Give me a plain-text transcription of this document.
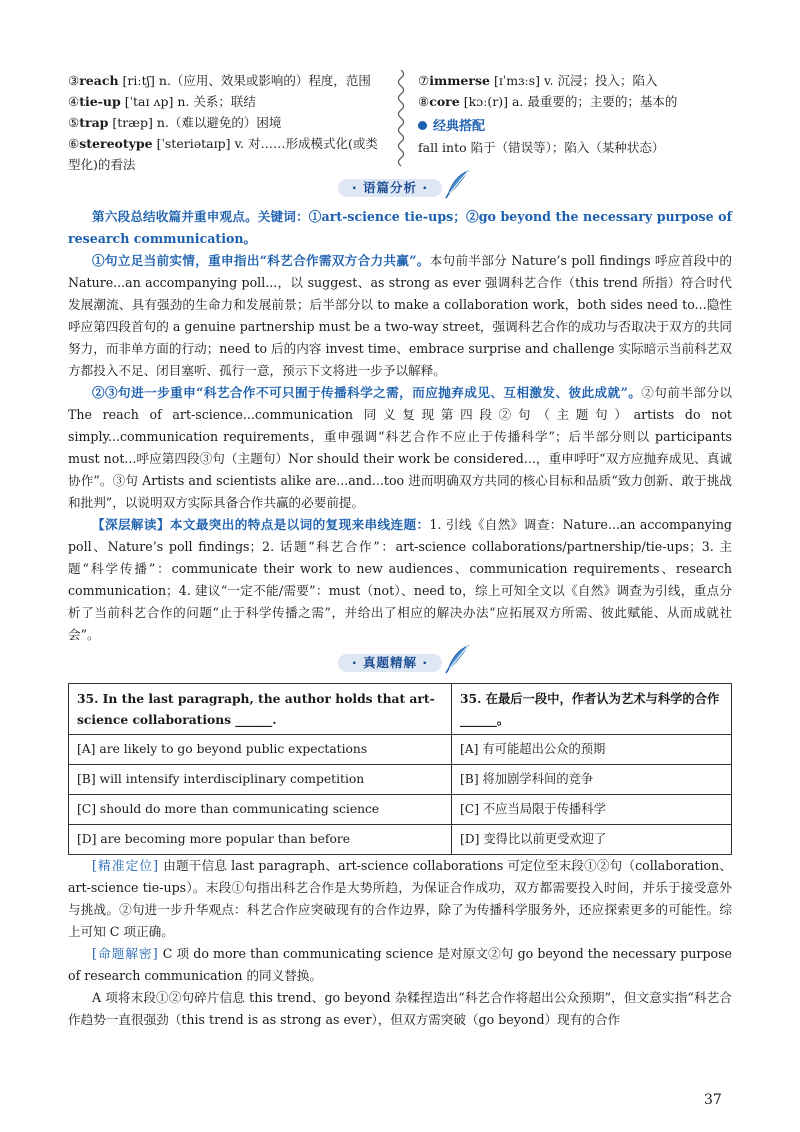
③reach [riːtʃ] n.（应用、效果或影响的）程度，范围
④tie-up [ˈtaɪ ʌp] n. 关系；联结
⑤trap [træp] n.（难以避免的）困境
⑥stereotype [ˈsteriətaɪp] v. 对……形成模式化(或类型化)的看法
⑦immerse [ɪˈmɜːs] v. 沉浸；投入；陷入
⑧core [kɔː(r)] a. 最重要的；主要的；基本的
经典搭配
fall into 陷于（错误等）；陷入（某种状态）
· 语篇分析 ·

第六段总结收篇并重申观点。关键词：①art-science tie-ups；②go beyond the necessary purpose of research communication。

①句立足当前实情，重申指出“科艺合作需双方合力共赢”。本句前半部分 Nature’s poll findings 呼应首段中的 Nature...an accompanying poll...，以 suggest、as strong as ever 强调科艺合作（this trend 所指）符合时代发展潮流、具有强劲的生命力和发展前景；后半部分以 to make a collaboration work，both sides need to...隐性呼应第四段首句的 a genuine partnership must be a two-way street，强调科艺合作的成功与否取决于双方的共同努力，而非单方面的行动；need to 后的内容 invest time、embrace surprise and challenge 实际暗示当前科艺双方都投入不足、闭目塞听、孤行一意，预示下文将进一步予以解释。

②③句进一步重申“科艺合作不可只囿于传播科学之需，而应抛弃成见、互相激发、彼此成就”。②句前半部分以 The reach of art-science...communication 同义复现第四段②句（主题句）artists do not simply...communication requirements，重申强调“科艺合作不应止于传播科学”；后半部分则以 participants must not...呼应第四段③句（主题句）Nor should their work be considered...，重申呼吁“双方应抛弃成见、真诚协作”。③句 Artists and scientists alike are...and...too 进而明确双方共同的核心目标和品质“致力创新、敢于挑战和批判”，以说明双方实际具备合作共赢的必要前提。

【深层解读】本文最突出的特点是以词的复现来串线连题：1. 引线《自然》调查：Nature...an accompanying poll、Nature’s poll findings；2. 话题“科艺合作”：art-science collaborations/partnership/tie-ups；3. 主题“科学传播”：communicate their work to new audiences、communication requirements、research communication；4. 建议“一定不能/需要”：must（not）、need to，综上可知全文以《自然》调查为引线，重点分析了当前科艺合作的问题“止于科学传播之需”，并给出了相应的解决办法“应拓展双方所需、彼此赋能、从而成就社会”。

· 真题精解 ·
35. In the last paragraph, the author holds that art-science collaborations ______.	35. 在最后一段中，作者认为艺术与科学的合作______。
[A] are likely to go beyond public expectations	[A] 有可能超出公众的预期
[B] will intensify interdisciplinary competition	[B] 将加剧学科间的竞争
[C] should do more than communicating science	[C] 不应当局限于传播科学
[D] are becoming more popular than before	[D] 变得比以前更受欢迎了

[精准定位] 由题干信息 last paragraph、art-science collaborations 可定位至末段①②句（collaboration、art-science tie-ups）。末段①句指出科艺合作是大势所趋，为保证合作成功，双方都需要投入时间，并乐于接受意外与挑战。②句进一步升华观点：科艺合作应突破现有的合作边界，除了为传播科学服务外，还应探索更多的可能性。综上可知 C 项正确。

[命题解密] C 项 do more than communicating science 是对原文②句 go beyond the necessary purpose of research communication 的同义替换。

A 项将末段①②句碎片信息 this trend、go beyond 杂糅捏造出“科艺合作将超出公众预期”，但文意实指“科艺合作趋势一直很强劲（this trend is as strong as ever），但双方需突破（go beyond）现有的合作

37
